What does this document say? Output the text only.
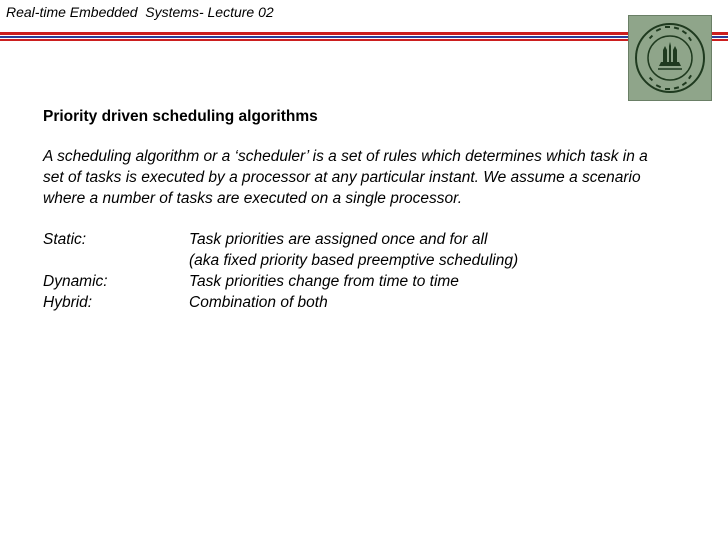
Real-time Embedded  Systems- Lecture 02
Priority driven scheduling algorithms
A scheduling algorithm or a ‘scheduler’ is a set of rules which determines which task in a set of tasks is executed by a processor at any particular instant. We assume a scenario where a number of tasks are executed on a single processor.
Static:	Task priorities are assigned once and for all
(aka fixed priority based preemptive scheduling)
Dynamic:	Task priorities change from time to time
Hybrid:	Combination of both
